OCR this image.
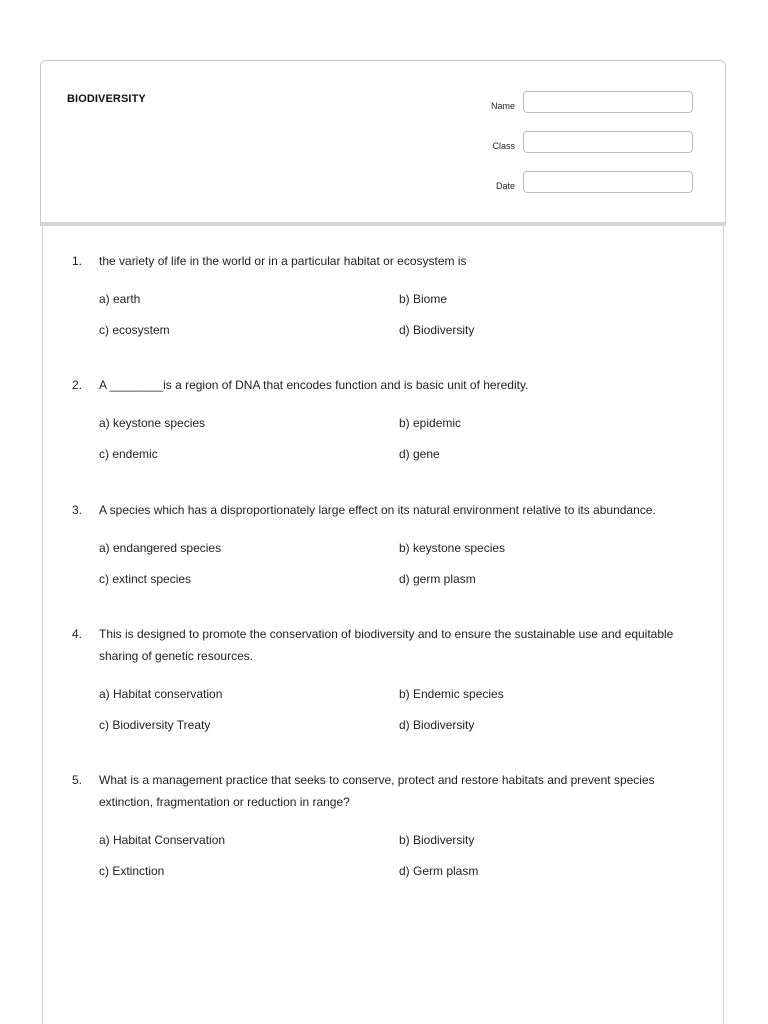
BIODIVERSITY
Name
Class
Date
1.	the variety of life in the world or in a particular habitat or ecosystem is
a) earth	b) Biome
c) ecosystem	d) Biodiversity
2.	A ________is a region of DNA that encodes function and is basic unit of heredity.
a) keystone species	b) epidemic
c) endemic	d) gene
3.	A species which has a disproportionately large effect on its natural environment relative to its abundance.
a) endangered species	b) keystone species
c) extinct species	d) germ plasm
4.	This is designed to promote the conservation of biodiversity and to ensure the sustainable use and equitable sharing of genetic resources.
a) Habitat conservation	b) Endemic species
c) Biodiversity Treaty	d) Biodiversity
5.	What is a management practice that seeks to conserve, protect and restore habitats and prevent species extinction, fragmentation or reduction in range?
a) Habitat Conservation	b) Biodiversity
c) Extinction	d) Germ plasm
